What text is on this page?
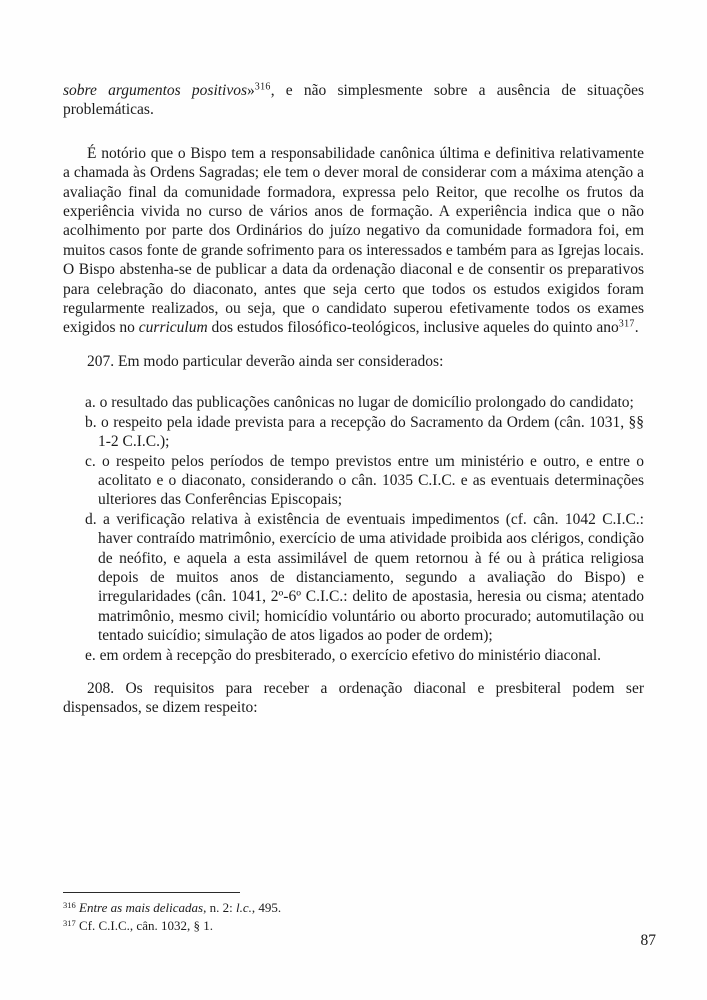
sobre argumentos positivos»$^{316}$, e não simplesmente sobre a ausência de situações problemáticas.

É notório que o Bispo tem a responsabilidade canônica última e definitiva relativamente a chamada às Ordens Sagradas; ele tem o dever moral de considerar com a máxima atenção a avaliação final da comunidade formadora, expressa pelo Reitor, que recolhe os frutos da experiência vivida no curso de vários anos de formação. A experiência indica que o não acolhimento por parte dos Ordinários do juízo negativo da comunidade formadora foi, em muitos casos fonte de grande sofrimento para os interessados e também para as Igrejas locais. O Bispo abstenha-se de publicar a data da ordenação diaconal e de consentir os preparativos para celebração do diaconato, antes que seja certo que todos os estudos exigidos foram regularmente realizados, ou seja, que o candidato superou efetivamente todos os exames exigidos no curriculum dos estudos filosófico-teológicos, inclusive aqueles do quinto ano$^{317}$.

207. Em modo particular deverão ainda ser considerados:

a. o resultado das publicações canônicas no lugar de domicílio prolongado do candidato;
b. o respeito pela idade prevista para a recepção do Sacramento da Ordem (cân. 1031, §§ 1-2 C.I.C.);
c. o respeito pelos períodos de tempo previstos entre um ministério e outro, e entre o acolitato e o diaconato, considerando o cân. 1035 C.I.C. e as eventuais determinações ulteriores das Conferências Episcopais;
d. a verificação relativa à existência de eventuais impedimentos (cf. cân. 1042 C.I.C.: haver contraído matrimônio, exercício de uma atividade proibida aos clérigos, condição de neófito, e aquela a esta assimilável de quem retornou à fé ou à prática religiosa depois de muitos anos de distanciamento, segundo a avaliação do Bispo) e irregularidades (cân. 1041, 2º-6º C.I.C.: delito de apostasia, heresia ou cisma; atentado matrimônio, mesmo civil; homicídio voluntário ou aborto procurado; automutilação ou tentado suicídio; simulação de atos ligados ao poder de ordem);
e. em ordem à recepção do presbiterado, o exercício efetivo do ministério diaconal.

208. Os requisitos para receber a ordenação diaconal e presbiteral podem ser dispensados, se dizem respeito:

$^{316}$ Entre as mais delicadas, n. 2: l.c., 495.
$^{317}$ Cf. C.I.C., cân. 1032, § 1.
87
